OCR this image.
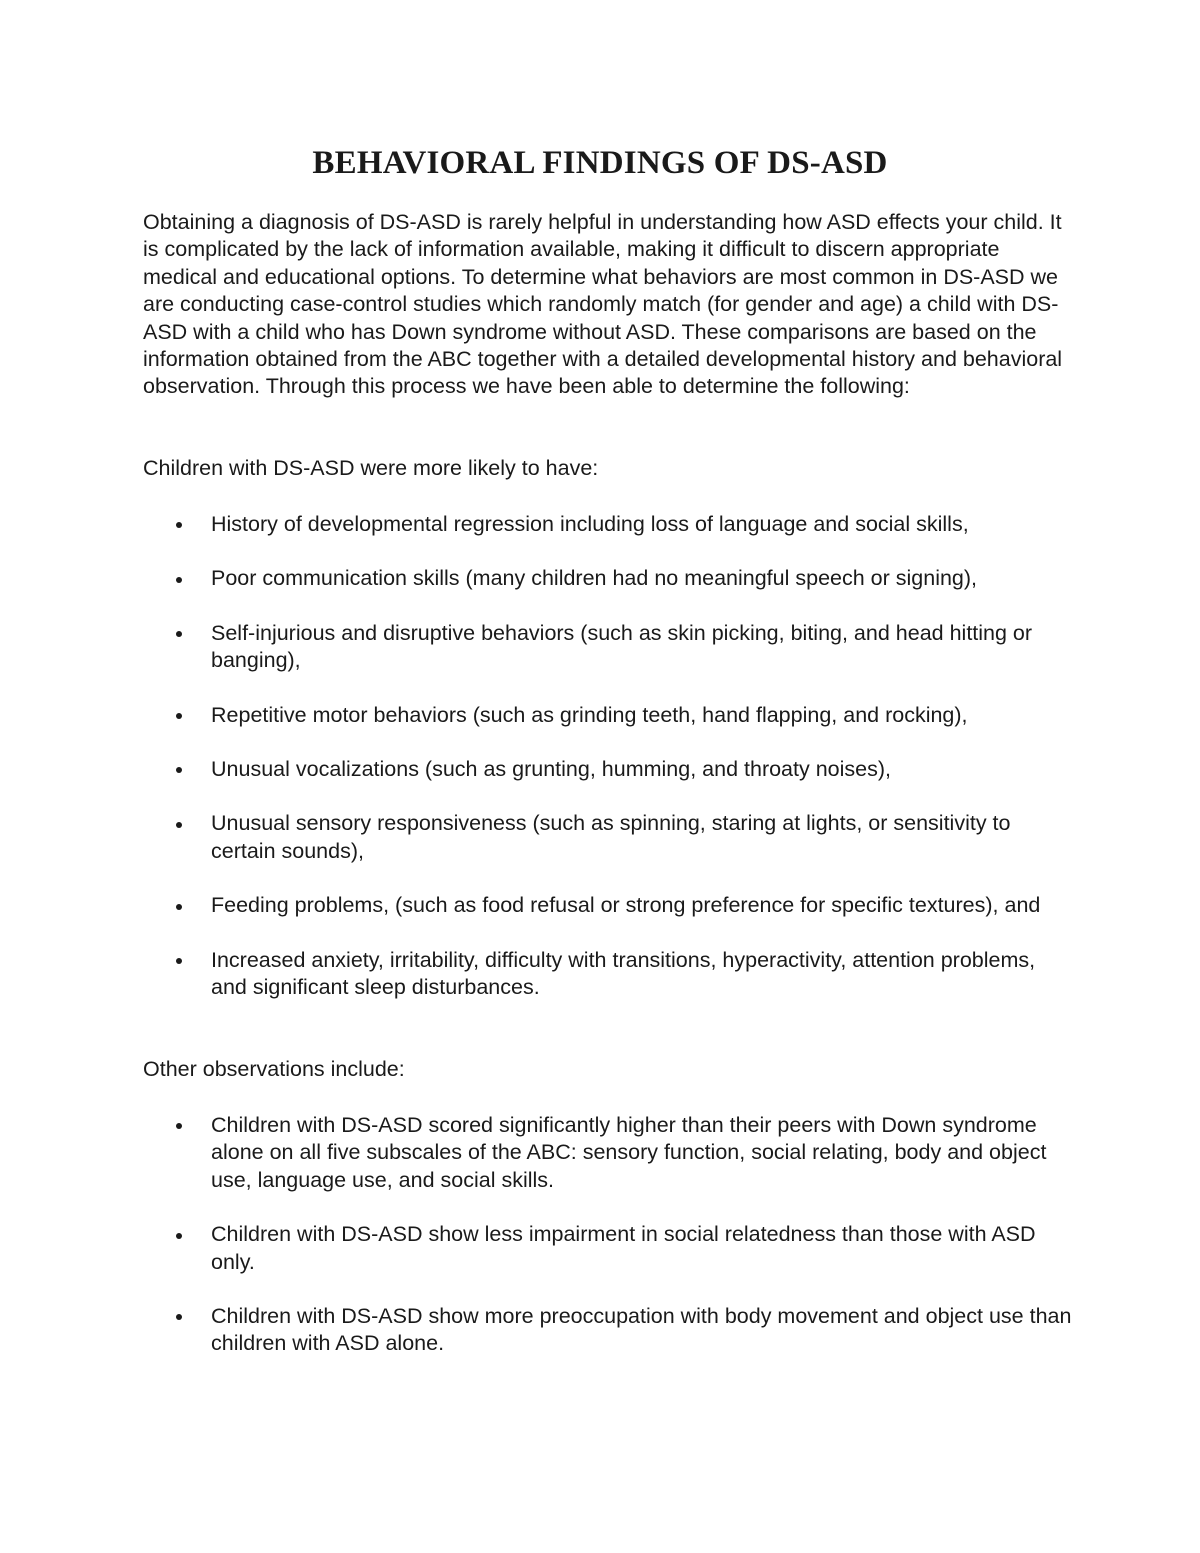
BEHAVIORAL FINDINGS OF DS-ASD

Obtaining a diagnosis of DS-ASD is rarely helpful in understanding how ASD effects your child. It is complicated by the lack of information available, making it difficult to discern appropriate medical and educational options. To determine what behaviors are most common in DS-ASD we are conducting case-control studies which randomly match (for gender and age) a child with DS-ASD with a child who has Down syndrome without ASD. These comparisons are based on the information obtained from the ABC together with a detailed developmental history and behavioral observation. Through this process we have been able to determine the following:

Children with DS-ASD were more likely to have:

History of developmental regression including loss of language and social skills,
Poor communication skills (many children had no meaningful speech or signing),
Self-injurious and disruptive behaviors (such as skin picking, biting, and head hitting or banging),
Repetitive motor behaviors (such as grinding teeth, hand flapping, and rocking),
Unusual vocalizations (such as grunting, humming, and throaty noises),
Unusual sensory responsiveness (such as spinning, staring at lights, or sensitivity to certain sounds),
Feeding problems, (such as food refusal or strong preference for specific textures), and
Increased anxiety, irritability, difficulty with transitions, hyperactivity, attention problems, and significant sleep disturbances.

Other observations include:

Children with DS-ASD scored significantly higher than their peers with Down syndrome alone on all five subscales of the ABC: sensory function, social relating, body and object use, language use, and social skills.
Children with DS-ASD show less impairment in social relatedness than those with ASD only.
Children with DS-ASD show more preoccupation with body movement and object use than children with ASD alone.
